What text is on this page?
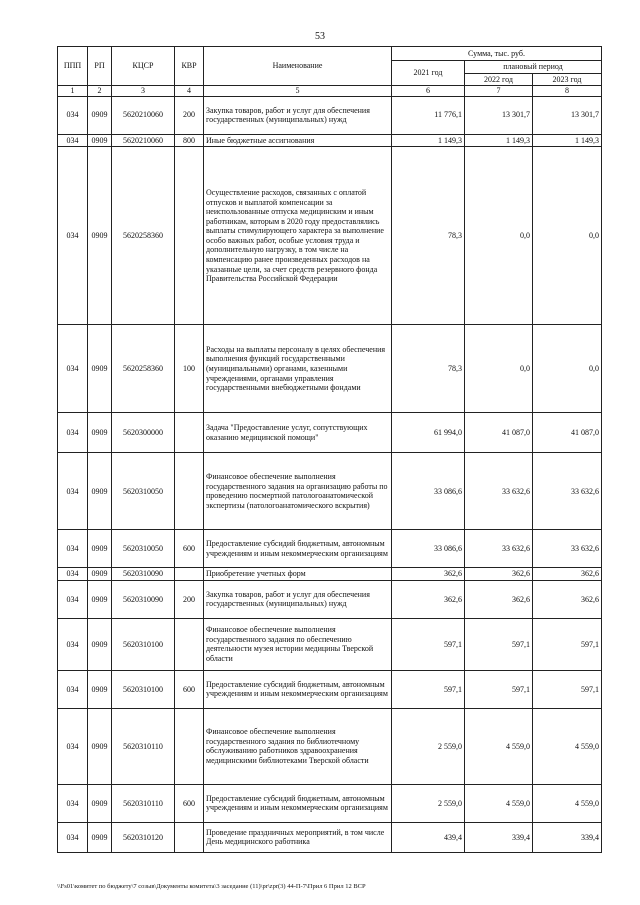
53
ППП	РП	КЦСР	КВР	Наименование	Сумма, тыс. руб.		
					2021 год	плановый период	
						2022 год	2023 год
1	2	3	4	5	6	7	8
034	0909	5620210060	200	Закупка товаров, работ и услуг для обеспечения государственных (муниципальных) нужд	11 776,1	13 301,7	13 301,7
034	0909	5620210060	800	Иные бюджетные ассигнования	1 149,3	1 149,3	1 149,3
034	0909	5620258360		Осуществление расходов, связанных с оплатой отпусков и выплатой компенсации за неиспользованные отпуска медицинским и иным работникам, которым в 2020 году предоставлялись выплаты стимулирующего характера за выполнение особо важных работ, особые условия труда и дополнительную нагрузку, в том числе на компенсацию ранее произведенных расходов на указанные цели, за счет средств резервного фонда Правительства Российской Федерации	78,3	0,0	0,0
034	0909	5620258360	100	Расходы на выплаты персоналу в целях обеспечения выполнения функций государственными (муниципальными) органами, казенными учреждениями, органами управления государственными внебюджетными фондами	78,3	0,0	0,0
034	0909	5620300000		Задача "Предоставление услуг, сопутствующих оказанию медицинской помощи"	61 994,0	41 087,0	41 087,0
034	0909	5620310050		Финансовое обеспечение выполнения государственного задания на организацию работы по проведению посмертной патологоанатомической экспертизы (патологоанатомического вскрытия)	33 086,6	33 632,6	33 632,6
034	0909	5620310050	600	Предоставление субсидий бюджетным, автономным учреждениям и иным некоммерческим организациям	33 086,6	33 632,6	33 632,6
034	0909	5620310090		Приобретение учетных форм	362,6	362,6	362,6
034	0909	5620310090	200	Закупка товаров, работ и услуг для обеспечения государственных (муниципальных) нужд	362,6	362,6	362,6
034	0909	5620310100		Финансовое обеспечение выполнения государственного задания по обеспечению деятельности музея истории медицины Тверской области	597,1	597,1	597,1
034	0909	5620310100	600	Предоставление субсидий бюджетным, автономным учреждениям и иным некоммерческим организациям	597,1	597,1	597,1
034	0909	5620310110		Финансовое обеспечение выполнения государственного задания по библиотечному обслуживанию работников здравоохранения медицинскими библиотеками Тверской области	2 559,0	4 559,0	4 559,0
034	0909	5620310110	600	Предоставление субсидий бюджетным, автономным учреждениям и иным некоммерческим организациям	2 559,0	4 559,0	4 559,0
034	0909	5620310120		Проведение праздничных мероприятий, в том числе День медицинского работника	439,4	339,4	339,4
\\Fs01\комитет по бюджету\7 созыв\Документы комитета\3 заседание (11)\pr\zpr(3) 44-П-7\Прил 6 Прил 12 ВСР
